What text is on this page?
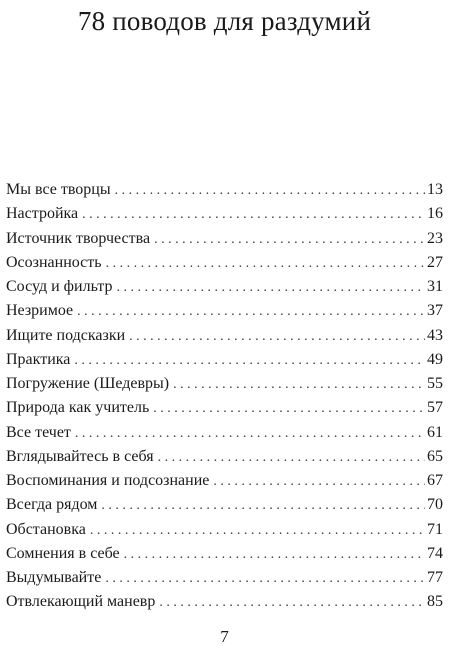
78 поводов для раздумий
Мы все творцы . . .	13
Настройка . . .	16
Источник творчества . . .	23
Осознанность . . .	27
Сосуд и фильтр . . .	31
Незримое . . .	37
Ищите подсказки . . .	43
Практика . . .	49
Погружение (Шедевры) . . .	55
Природа как учитель . . .	57
Все течет . . .	61
Вглядывайтесь в себя . . .	65
Воспоминания и подсознание . . .	67
Всегда рядом . . .	70
Обстановка . . .	71
Сомнения в себе . . .	74
Выдумывайте . . .	77
Отвлекающий маневр . . .	85
7
